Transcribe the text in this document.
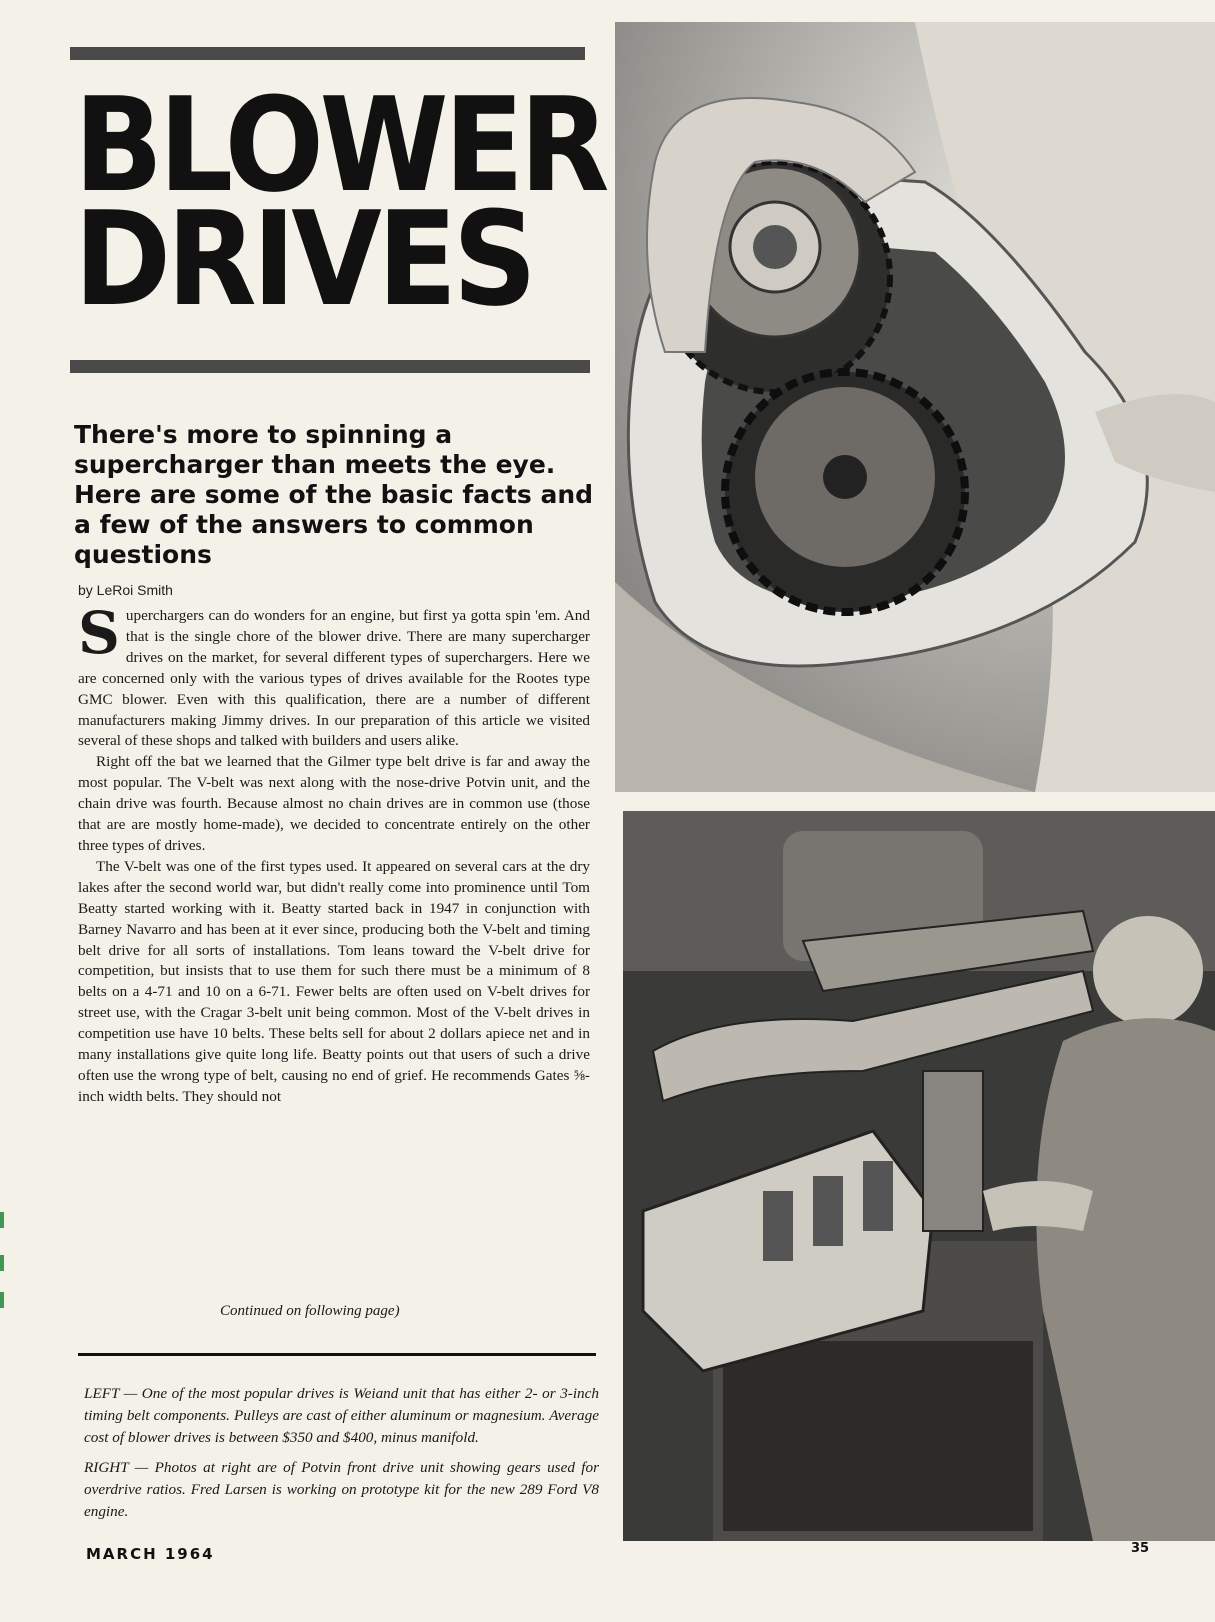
BLOWER
DRIVES
There's more to spinning a supercharger than meets the eye. Here are some of the basic facts and a few of the answers to common questions
by LeRoi Smith

Superchargers can do wonders for an engine, but first ya gotta spin 'em. And that is the single chore of the blower drive. There are many supercharger drives on the market, for several different types of superchargers. Here we are concerned only with the various types of drives available for the Rootes type GMC blower. Even with this qualification, there are a number of different manufacturers making Jimmy drives. In our preparation of this article we visited several of these shops and talked with builders and users alike.

Right off the bat we learned that the Gilmer type belt drive is far and away the most popular. The V-belt was next along with the nose-drive Potvin unit, and the chain drive was fourth. Because almost no chain drives are in common use (those that are are mostly home-made), we decided to concentrate entirely on the other three types of drives.

The V-belt was one of the first types used. It appeared on several cars at the dry lakes after the second world war, but didn't really come into prominence until Tom Beatty started working with it. Beatty started back in 1947 in conjunction with Barney Navarro and has been at it ever since, producing both the V-belt and timing belt drive for all sorts of installations. Tom leans toward the V-belt drive for competition, but insists that to use them for such there must be a minimum of 8 belts on a 4-71 and 10 on a 6-71. Fewer belts are often used on V-belt drives for street use, with the Cragar 3-belt unit being common. Most of the V-belt drives in competition use have 10 belts. These belts sell for about 2 dollars apiece net and in many installations give quite long life. Beatty points out that users of such a drive often use the wrong type of belt, causing no end of grief. He recommends Gates ⅝-inch width belts. They should not

Continued on following page)

LEFT — One of the most popular drives is Weiand unit that has either 2- or 3-inch timing belt components. Pulleys are cast of either aluminum or magnesium. Average cost of blower drives is between $350 and $400, minus manifold.

RIGHT — Photos at right are of Potvin front drive unit showing gears used for overdrive ratios. Fred Larsen is working on prototype kit for the new 289 Ford V8 engine.

MARCH 1964	35
